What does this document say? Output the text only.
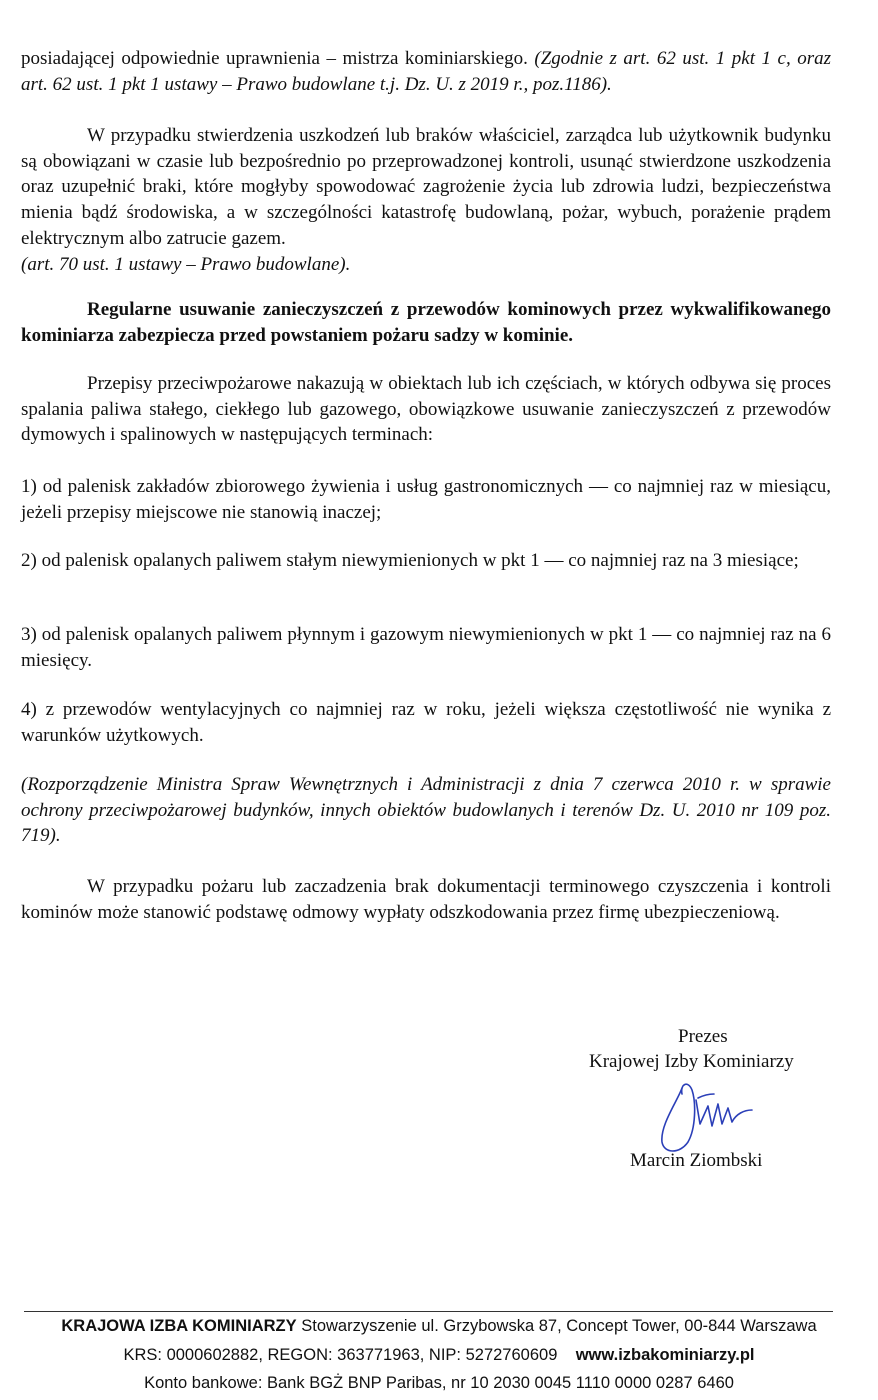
posiadającej odpowiednie uprawnienia – mistrza kominiarskiego. (Zgodnie z art. 62 ust. 1 pkt 1 c, oraz art. 62 ust. 1 pkt 1 ustawy – Prawo budowlane t.j. Dz. U. z 2019 r., poz.1186).

W przypadku stwierdzenia uszkodzeń lub braków właściciel, zarządca lub użytkownik budynku są obowiązani w czasie lub bezpośrednio po przeprowadzonej kontroli, usunąć stwierdzone uszkodzenia oraz uzupełnić braki, które mogłyby spowodować zagrożenie życia lub zdrowia ludzi, bezpieczeństwa mienia bądź środowiska, a w szczególności katastrofę budowlaną, pożar, wybuch, porażenie prądem elektrycznym albo zatrucie gazem.
(art. 70 ust. 1 ustawy – Prawo budowlane).

Regularne usuwanie zanieczyszczeń z przewodów kominowych przez wykwalifikowanego kominiarza zabezpiecza przed powstaniem pożaru sadzy w kominie.

Przepisy przeciwpożarowe nakazują w obiektach lub ich częściach, w których odbywa się proces spalania paliwa stałego, ciekłego lub gazowego, obowiązkowe usuwanie zanieczyszczeń z przewodów dymowych i spalinowych w następujących terminach:

1) od palenisk zakładów zbiorowego żywienia i usług gastronomicznych — co najmniej raz w miesiącu, jeżeli przepisy miejscowe nie stanowią inaczej;

2) od palenisk opalanych paliwem stałym niewymienionych w pkt 1 — co najmniej raz na 3 miesiące;

3) od palenisk opalanych paliwem płynnym i gazowym niewymienionych w pkt 1 — co najmniej raz na 6 miesięcy.

4) z przewodów wentylacyjnych co najmniej raz w roku, jeżeli większa częstotliwość nie wynika z warunków użytkowych.

(Rozporządzenie Ministra Spraw Wewnętrznych i Administracji z dnia 7 czerwca 2010 r. w sprawie ochrony przeciwpożarowej budynków, innych obiektów budowlanych i terenów Dz. U. 2010 nr 109 poz. 719).

W przypadku pożaru lub zaczadzenia brak dokumentacji terminowego czyszczenia i kontroli kominów może stanowić podstawę odmowy wypłaty odszkodowania przez firmę ubezpieczeniową.

Prezes
Krajowej Izby Kominiarzy
Marcin Ziombski
KRAJOWA IZBA KOMINIARZY Stowarzyszenie ul. Grzybowska 87, Concept Tower, 00-844 Warszawa
KRS: 0000602882, REGON: 363771963, NIP: 5272760609 www.izbakominiarzy.pl
Konto bankowe: Bank BGŻ BNP Paribas, nr 10 2030 0045 1110 0000 0287 6460
